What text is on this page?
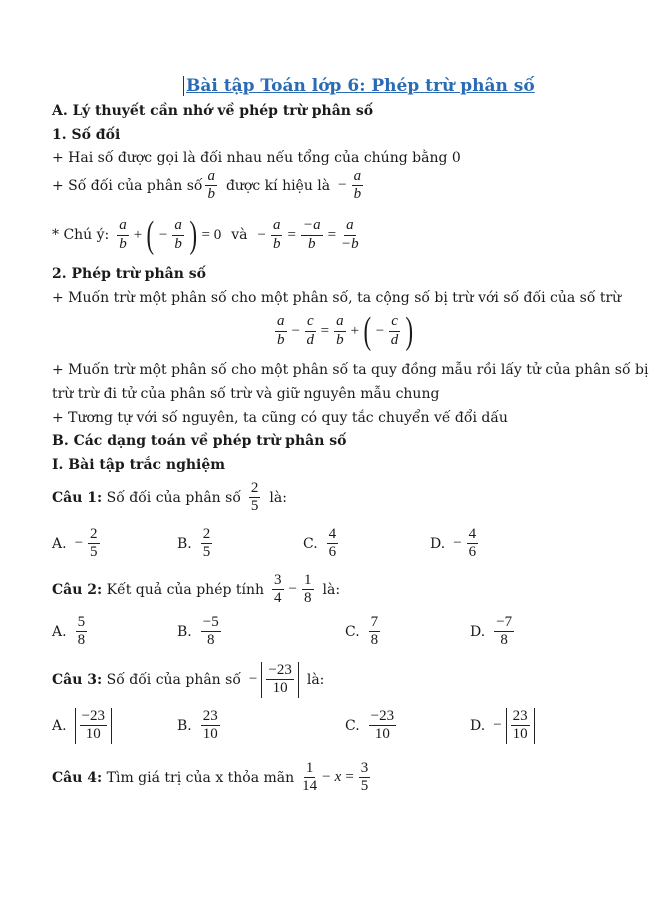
Bài tập Toán lớp 6: Phép trừ phân số
A. Lý thuyết cần nhớ về phép trừ phân số
1. Số đối
+ Hai số được gọi là đối nhau nếu tổng của chúng bằng 0
+ Số đối của phân số $\frac{a}{b}$ được kí hiệu là − $\frac{a}{b}$
* Chú ý: $\frac{a}{b}$ + ( − $\frac{a}{b}$ ) = 0 và − $\frac{a}{b} = \frac{-a}{b} = \frac{a}{-b}$
2. Phép trừ phân số
+ Muốn trừ một phân số cho một phân số, ta cộng số bị trừ với số đối của số trừ
$\frac{a}{b} - \frac{c}{d} = \frac{a}{b}$ + ( − $\frac{c}{d}$ )
+ Muốn trừ một phân số cho một phân số ta quy đồng mẫu rồi lấy tử của phân số bị
trừ trừ đi tử của phân số trừ và giữ nguyên mẫu chung
+ Tương tự với số nguyên, ta cũng có quy tắc chuyển vế đổi dấu
B. Các dạng toán về phép trừ phân số
I. Bài tập trắc nghiệm
Câu 1:
Số đối của phân số $\frac{2}{5}$ là:
Câu 2:
Kết quả của phép tính $\frac{3}{4} - \frac{1}{8}$ là:
Câu 3:
Số đối của phân số − $\frac{-23}{10}$ là:
Câu 4:
Tìm giá trị của x thỏa mãn $\frac{1}{14} - x = \frac{3}{5}$
A. − $\frac{2}{5}$	B. $\frac{2}{5}$	C. $\frac{4}{6}$	D. − $\frac{4}{6}$
A. $\frac{5}{8}$	B. $\frac{-5}{8}$	C. $\frac{7}{8}$	D. $\frac{-7}{8}$
A. $\frac{-23}{10}$	B. $\frac{23}{10}$	C. $\frac{-23}{10}$	D. − $\frac{23}{10}$
